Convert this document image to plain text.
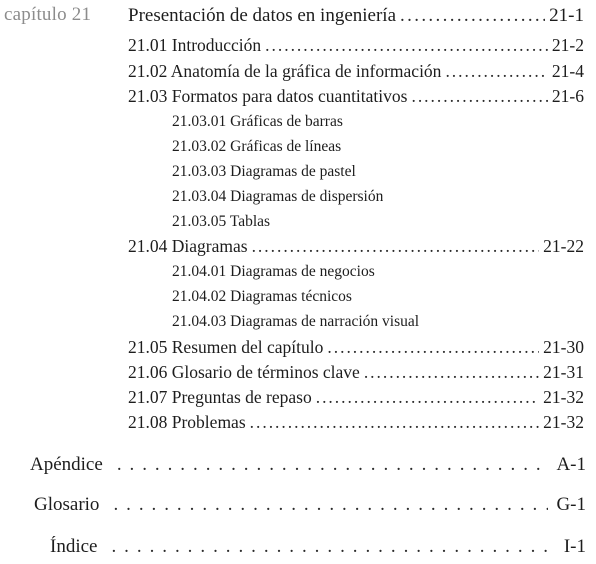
capítulo 21 Presentación de datos en ingeniería . . .	21-1
21.01 Introducción . . .	21-2
21.02 Anatomía de la gráfica de información . . .	21-4
21.03 Formatos para datos cuantitativos . . .	21-6
21.03.01 Gráficas de barras
21.03.02 Gráficas de líneas
21.03.03 Diagramas de pastel
21.03.04 Diagramas de dispersión
21.03.05 Tablas
21.04 Diagramas . . .	21-22
21.04.01 Diagramas de negocios
21.04.02 Diagramas técnicos
21.04.03 Diagramas de narración visual
21.05 Resumen del capítulo . . .	21-30
21.06 Glosario de términos clave . . .	21-31
21.07 Preguntas de repaso . . .	21-32
21.08 Problemas . . .	21-32
Apéndice . . .	A-1
Glosario . . .	G-1
Índice . . .	I-1
